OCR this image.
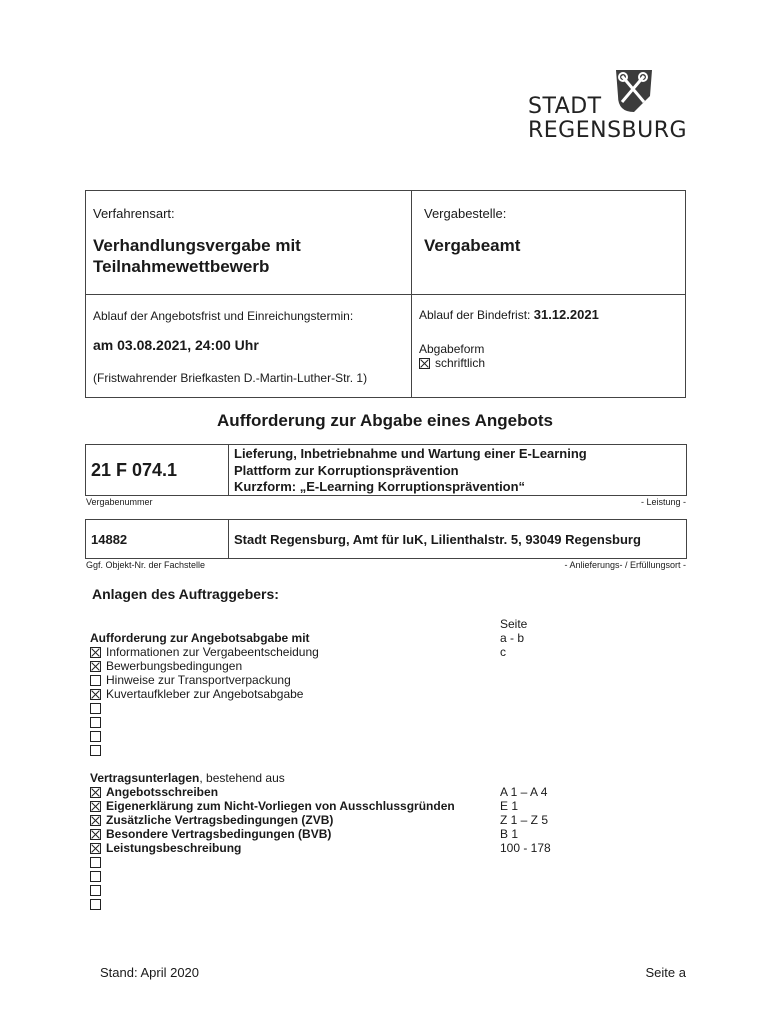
STADT
REGENSBURG
Verfahrensart:
Verhandlungsvergabe mit
Teilnahmewettbewerb
Vergabestelle:
Vergabeamt
Ablauf der Angebotsfrist und Einreichungstermin:
am 03.08.2021, 24:00 Uhr
(Fristwahrender Briefkasten D.-Martin-Luther-Str. 1)
Ablauf der Bindefrist: 31.12.2021
Abgabeform
schriftlich
Aufforderung zur Abgabe eines Angebots
21 F 074.1
Lieferung, Inbetriebnahme und Wartung einer E-Learning
Plattform zur Korruptionsprävention
Kurzform: „E-Learning Korruptionsprävention“
Vergabenummer	- Leistung -
14882	Stadt Regensburg, Amt für IuK, Lilienthalstr. 5, 93049 Regensburg
Ggf. Objekt-Nr. der Fachstelle	- Anlieferungs- / Erfüllungsort -
Anlagen des Auftraggebers:
Seite
Aufforderung zur Angebotsabgabe mit	a - b
Informationen zur Vergabeentscheidung	c
Bewerbungsbedingungen
Hinweise zur Transportverpackung
Kuvertaufkleber zur Angebotsabgabe
Vertragsunterlagen, bestehend aus
Angebotsschreiben	A 1 – A 4
Eigenerklärung zum Nicht-Vorliegen von Ausschlussgründen	E 1
Zusätzliche Vertragsbedingungen (ZVB)	Z 1 – Z 5
Besondere Vertragsbedingungen (BVB)	B 1
Leistungsbeschreibung	100 - 178
Stand: April 2020	Seite a
